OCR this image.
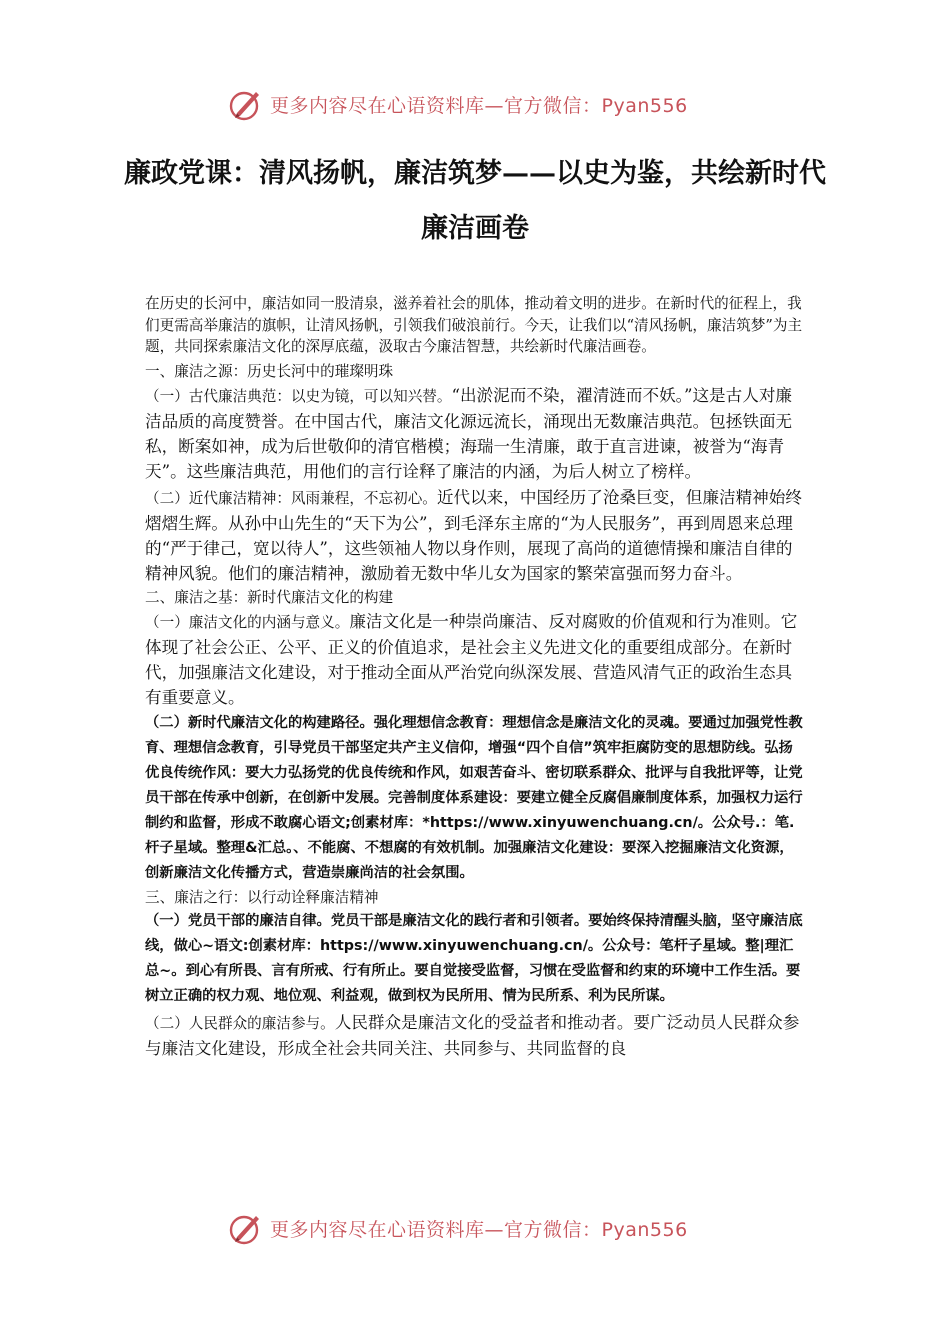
更多内容尽在心语资料库—官方微信：Pyan556
廉政党课：清风扬帆，廉洁筑梦——以史为鉴，共绘新时代廉洁画卷

在历史的长河中，廉洁如同一股清泉，滋养着社会的肌体，推动着文明的进步。在新时代的征程上，我们更需高举廉洁的旗帜，让清风扬帆，引领我们破浪前行。今天，让我们以“清风扬帆，廉洁筑梦”为主题，共同探索廉洁文化的深厚底蕴，汲取古今廉洁智慧，共绘新时代廉洁画卷。

一、廉洁之源：历史长河中的璀璨明珠

（一）古代廉洁典范：以史为镜，可以知兴替。“出淤泥而不染，濯清涟而不妖。”这是古人对廉洁品质的高度赞誉。在中国古代，廉洁文化源远流长，涌现出无数廉洁典范。包拯铁面无私，断案如神，成为后世敬仰的清官楷模；海瑞一生清廉，敢于直言进谏，被誉为“海青天”。这些廉洁典范，用他们的言行诠释了廉洁的内涵，为后人树立了榜样。

（二）近代廉洁精神：风雨兼程，不忘初心。近代以来，中国经历了沧桑巨变，但廉洁精神始终熠熠生辉。从孙中山先生的“天下为公”，到毛泽东主席的“为人民服务”，再到周恩来总理的“严于律己，宽以待人”，这些领袖人物以身作则，展现了高尚的道德情操和廉洁自律的精神风貌。他们的廉洁精神，激励着无数中华儿女为国家的繁荣富强而努力奋斗。

二、廉洁之基：新时代廉洁文化的构建

（一）廉洁文化的内涵与意义。廉洁文化是一种崇尚廉洁、反对腐败的价值观和行为准则。它体现了社会公正、公平、正义的价值追求，是社会主义先进文化的重要组成部分。在新时代，加强廉洁文化建设，对于推动全面从严治党向纵深发展、营造风清气正的政治生态具有重要意义。

（二）新时代廉洁文化的构建路径。强化理想信念教育：理想信念是廉洁文化的灵魂。要通过加强党性教育、理想信念教育，引导党员干部坚定共产主义信仰，增强“四个自信”筑牢拒腐防变的思想防线。弘扬优良传统作风：要大力弘扬党的优良传统和作风，如艰苦奋斗、密切联系群众、批评与自我批评等，让党员干部在传承中创新，在创新中发展。完善制度体系建设：要建立健全反腐倡廉制度体系，加强权力运行制约和监督，形成不敢腐心语文;创素材库：*https://www.xinyuwenchuang.cn/。公众号.：笔.杆子星域。整理&汇总。、不能腐、不想腐的有效机制。加强廉洁文化建设：要深入挖掘廉洁文化资源，创新廉洁文化传播方式，营造崇廉尚洁的社会氛围。

三、廉洁之行：以行动诠释廉洁精神

（一）党员干部的廉洁自律。党员干部是廉洁文化的践行者和引领者。要始终保持清醒头脑，坚守廉洁底线，做心~语文:创素材库：https://www.xinyuwenchuang.cn/。公众号：笔杆子星域。整|理汇总~。到心有所畏、言有所戒、行有所止。要自觉接受监督，习惯在受监督和约束的环境中工作生活。要树立正确的权力观、地位观、利益观，做到权为民所用、情为民所系、利为民所谋。

（二）人民群众的廉洁参与。人民群众是廉洁文化的受益者和推动者。要广泛动员人民群众参与廉洁文化建设，形成全社会共同关注、共同参与、共同监督的良

更多内容尽在心语资料库—官方微信：Pyan556
